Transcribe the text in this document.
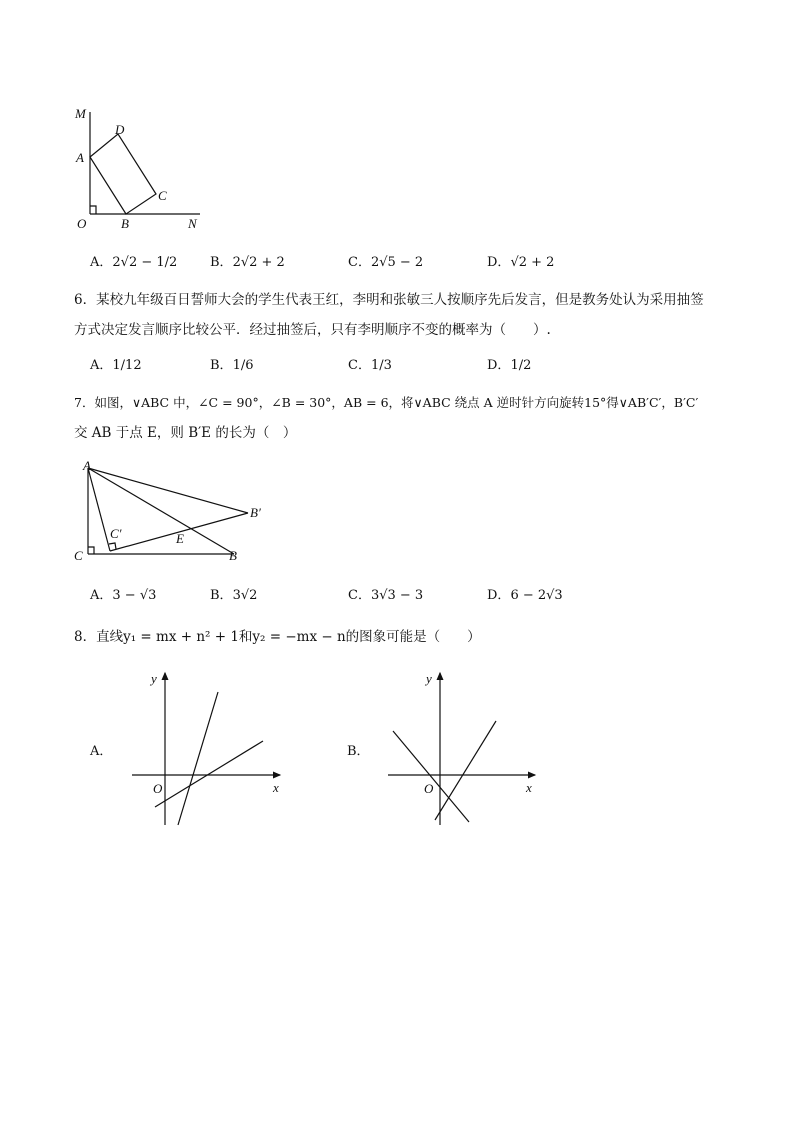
M
D
A
C
O	B	N
A．2√2 − 1/2	B．2√2 + 2	C．2√5 − 2	D．√2 + 2
6．某校九年级百日誓师大会的学生代表王红，李明和张敏三人按顺序先后发言，但是教务处认为采用抽签
方式决定发言顺序比较公平．经过抽签后，只有李明顺序不变的概率为（　　）.
A．1/12	B．1/6	C．1/3	D．1/2
7．如图，∨ABC 中，∠C = 90°，∠B = 30°，AB = 6，将∨ABC 绕点 A 逆时针方向旋转15°得∨AB′C′，B′C′
交 AB 于点 E，则 B′E 的长为（　）
A
B′
C′	E
C	B
A．3 − √3	B．3√2	C．3√3 − 3	D．6 − 2√3
8．直线y₁ = mx + n² + 1和y₂ = −mx − n的图象可能是（　　）
A．
y
x
O
B．
y
x
O
